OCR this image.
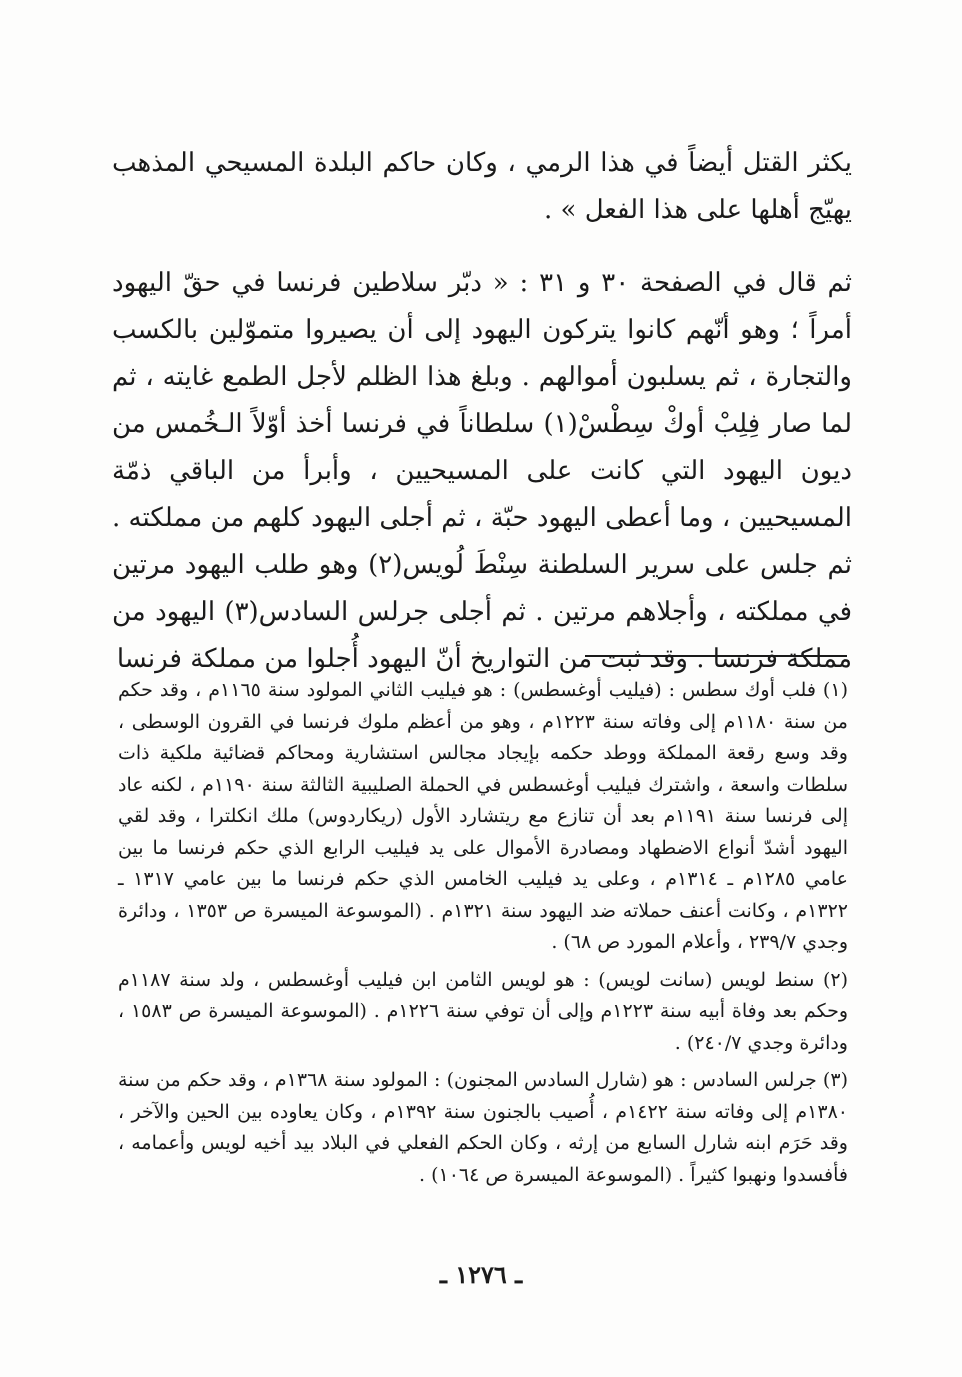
يكثر القتل أيضاً في هذا الرمي ، وكان حاكم البلدة المسيحي المذهب يهيّج أهلها على هذا الفعل » .

ثم قال في الصفحة ٣٠ و ٣١ : « دبّر سلاطين فرنسا في حقّ اليهود أمراً ؛ وهو أنّهم كانوا يتركون اليهود إلى أن يصيروا متموّلين بالكسب والتجارة ، ثم يسلبون أموالهم . وبلغ هذا الظلم لأجل الطمع غايته ، ثم لما صار فِلِبْ أوكْ سِطْسْ(١) سلطاناً في فرنسا أخذ أوّلاً الـخُمس من ديون اليهود التي كانت على المسيحيين ، وأبرأ من الباقي ذمّة المسيحيين ، وما أعطى اليهود حبّة ، ثم أجلى اليهود كلهم من مملكته . ثم جلس على سرير السلطنة سِنْطَ لُويس(٢) وهو طلب اليهود مرتين في مملكته ، وأجلاهم مرتين . ثم أجلى جرلس السادس(٣) اليهود من مملكة فرنسا . وقد ثبت من التواريخ أنّ اليهود أُجلوا من مملكة فرنسا

(١) فلب أوك سطس : (فيليب أوغسطس) : هو فيليب الثاني المولود سنة ١١٦٥م ، وقد حكم من سنة ١١٨٠م إلى وفاته سنة ١٢٢٣م ، وهو من أعظم ملوك فرنسا في القرون الوسطى ، وقد وسع رقعة المملكة ووطد حكمه بإيجاد مجالس استشارية ومحاكم قضائية ملكية ذات سلطات واسعة ، واشترك فيليب أوغسطس في الحملة الصليبية الثالثة سنة ١١٩٠م ، لكنه عاد إلى فرنسا سنة ١١٩١م بعد أن تنازع مع ريتشارد الأول (ريكاردوس) ملك انكلترا ، وقد لقي اليهود أشدّ أنواع الاضطهاد ومصادرة الأموال على يد فيليب الرابع الذي حكم فرنسا ما بين عامي ١٢٨٥م ـ ١٣١٤م ، وعلى يد فيليب الخامس الذي حكم فرنسا ما بين عامي ١٣١٧ ـ ١٣٢٢م ، وكانت أعنف حملاته ضد اليهود سنة ١٣٢١م . (الموسوعة الميسرة ص ١٣٥٣ ، ودائرة وجدي ٢٣٩/٧ ، وأعلام المورد ص ٦٨) .

(٢) سنط لويس (سانت لويس) : هو لويس الثامن ابن فيليب أوغسطس ، ولد سنة ١١٨٧م وحكم بعد وفاة أبيه سنة ١٢٢٣م وإلى أن توفي سنة ١٢٢٦م . (الموسوعة الميسرة ص ١٥٨٣ ، ودائرة وجدي ٢٤٠/٧) .

(٣) جرلس السادس : هو (شارل السادس المجنون) : المولود سنة ١٣٦٨م ، وقد حكم من سنة ١٣٨٠م إلى وفاته سنة ١٤٢٢م ، أُصيب بالجنون سنة ١٣٩٢م ، وكان يعاوده بين الحين والآخر ، وقد حَرَم ابنه شارل السابع من إرثه ، وكان الحكم الفعلي في البلاد بيد أخيه لويس وأعمامه ، فأفسدوا ونهبوا كثيراً . (الموسوعة الميسرة ص ١٠٦٤) .

ـ ١٢٧٦ ـ
